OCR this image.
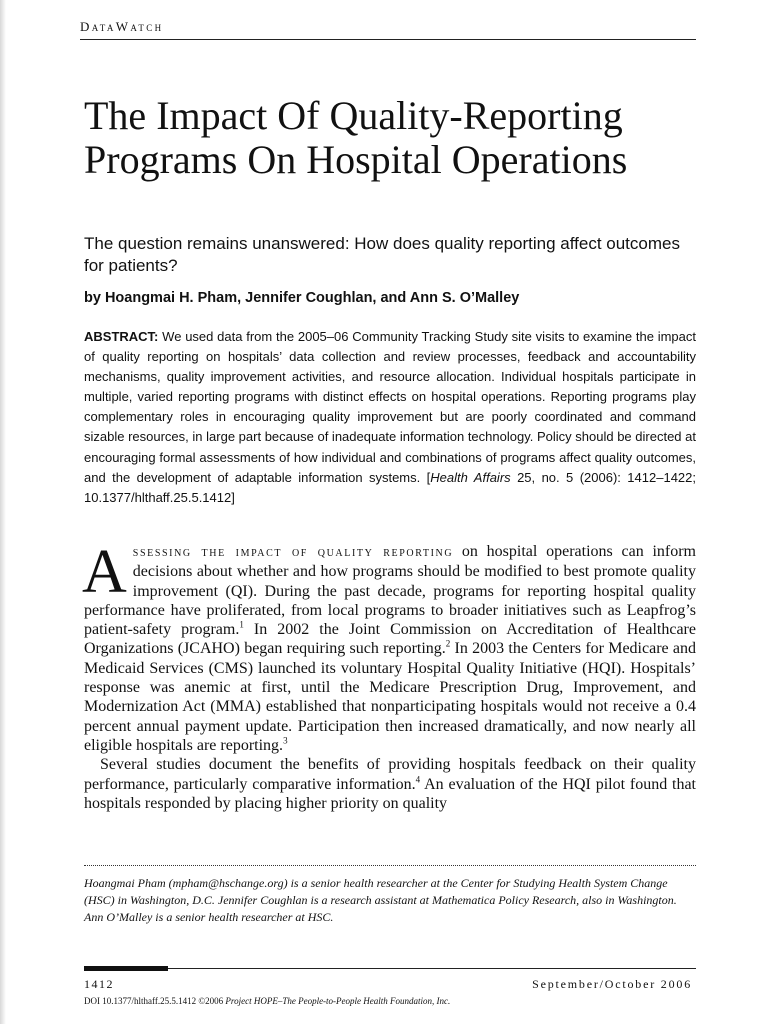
DataWatch
The Impact Of Quality-Reporting Programs On Hospital Operations

The question remains unanswered: How does quality reporting affect outcomes for patients?

by Hoangmai H. Pham, Jennifer Coughlan, and Ann S. O’Malley

ABSTRACT: We used data from the 2005–06 Community Tracking Study site visits to examine the impact of quality reporting on hospitals’ data collection and review processes, feedback and accountability mechanisms, quality improvement activities, and resource allocation. Individual hospitals participate in multiple, varied reporting programs with distinct effects on hospital operations. Reporting programs play complementary roles in encouraging quality improvement but are poorly coordinated and command sizable resources, in large part because of inadequate information technology. Policy should be directed at encouraging formal assessments of how individual and combinations of programs affect quality outcomes, and the development of adaptable information systems. [Health Affairs 25, no. 5 (2006): 1412–1422; 10.1377/hlthaff.25.5.1412]

Assessing the impact of quality reporting on hospital operations can inform decisions about whether and how programs should be modified to best promote quality improvement (QI). During the past decade, programs for reporting hospital quality performance have proliferated, from local programs to broader initiatives such as Leapfrog’s patient-safety program.$^1$ In 2002 the Joint Commission on Accreditation of Healthcare Organizations (JCAHO) began requiring such reporting.$^2$ In 2003 the Centers for Medicare and Medicaid Services (CMS) launched its voluntary Hospital Quality Initiative (HQI). Hospitals’ response was anemic at first, until the Medicare Prescription Drug, Improvement, and Modernization Act (MMA) established that nonparticipating hospitals would not receive a 0.4 percent annual payment update. Participation then increased dramatically, and now nearly all eligible hospitals are reporting.$^3$

Several studies document the benefits of providing hospitals feedback on their quality performance, particularly comparative information.$^4$ An evaluation of the HQI pilot found that hospitals responded by placing higher priority on quality

Hoangmai Pham (mpham@hschange.org) is a senior health researcher at the Center for Studying Health System Change (HSC) in Washington, D.C. Jennifer Coughlan is a research assistant at Mathematica Policy Research, also in Washington. Ann O’Malley is a senior health researcher at HSC.

1412	September/October 2006
DOI 10.1377/hlthaff.25.5.1412 ©2006 Project HOPE–The People-to-People Health Foundation, Inc.
